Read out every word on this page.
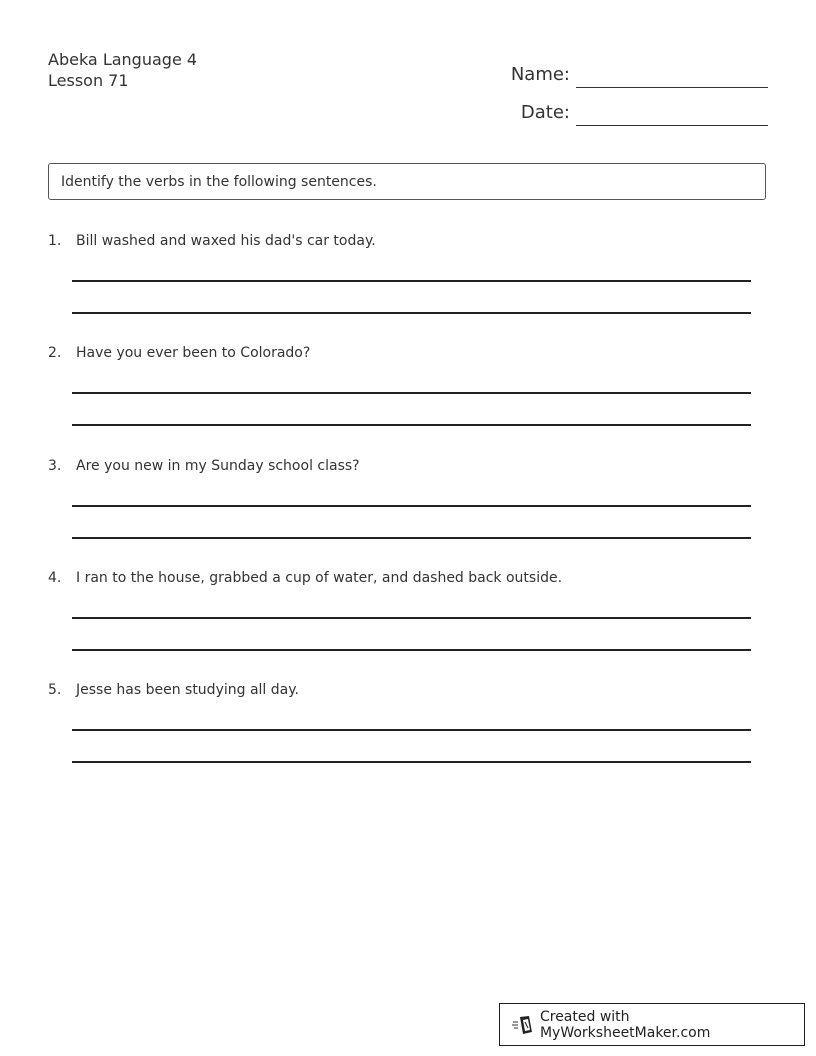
Abeka Language 4
Lesson 71	Name:
Date:
Identify the verbs in the following sentences.
1.	Bill washed and waxed his dad's car today.
2.	Have you ever been to Colorado?
3.	Are you new in my Sunday school class?
4.	I ran to the house, grabbed a cup of water, and dashed back outside.
5.	Jesse has been studying all day.
Created with MyWorksheetMaker.com
